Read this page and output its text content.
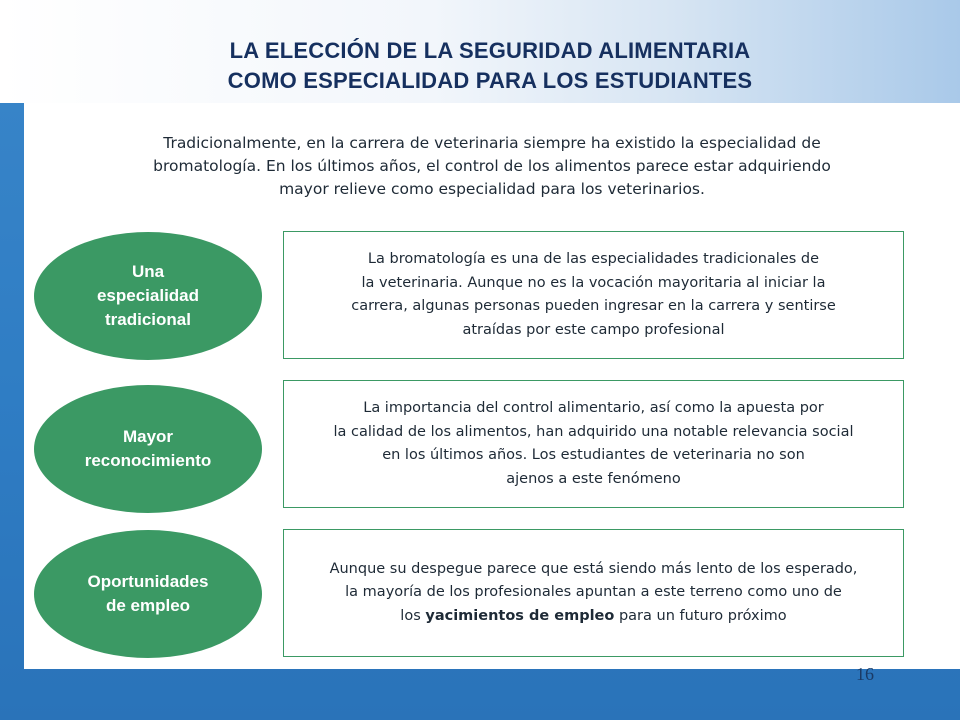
LA ELECCIÓN DE LA SEGURIDAD ALIMENTARIA
COMO ESPECIALIDAD PARA LOS ESTUDIANTES
Tradicionalmente, en la carrera de veterinaria siempre ha existido la especialidad de
bromatología. En los últimos años, el control de los alimentos parece estar adquiriendo
mayor relieve como especialidad para los veterinarios.
Una
especialidad
tradicional
La bromatología es una de las especialidades tradicionales de
la veterinaria. Aunque no es la vocación mayoritaria al iniciar la
carrera, algunas personas pueden ingresar en la carrera y sentirse
atraídas por este campo profesional
Mayor
reconocimiento
La importancia del control alimentario, así como la apuesta por
la calidad de los alimentos, han adquirido una notable relevancia social
en los últimos años. Los estudiantes de veterinaria no son
ajenos a este fenómeno
Oportunidades
de empleo
Aunque su despegue parece que está siendo más lento de los esperado,
la mayoría de los profesionales apuntan a este terreno como uno de
los yacimientos de empleo para un futuro próximo
16
